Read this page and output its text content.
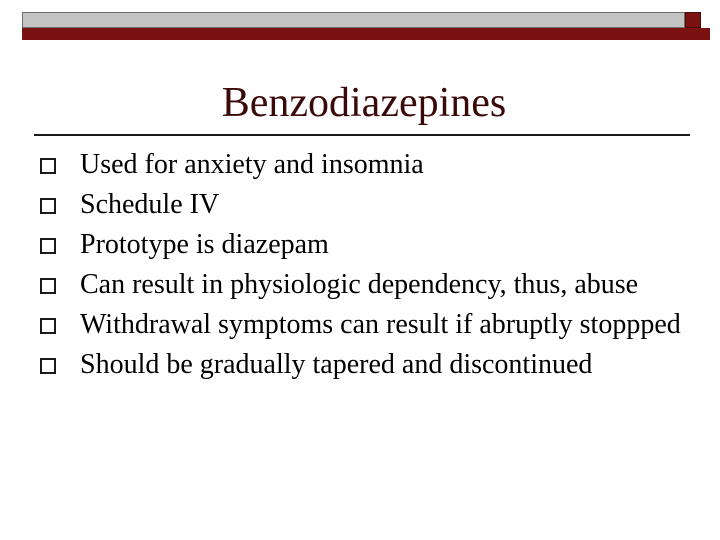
Benzodiazepines
Used for anxiety and insomnia
Schedule IV
Prototype is diazepam
Can result in physiologic dependency, thus, abuse
Withdrawal symptoms can result if abruptly stoppped
Should be gradually tapered and discontinued
